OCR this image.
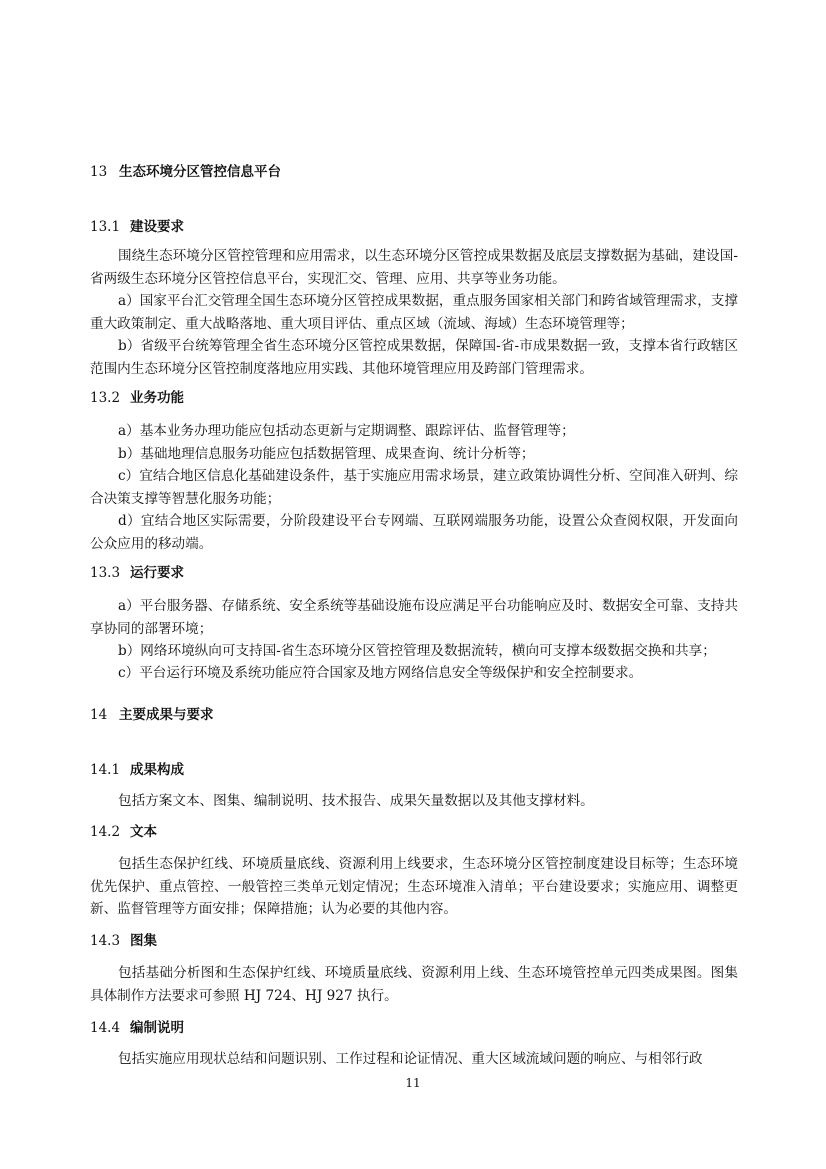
13 生态环境分区管控信息平台
13.1 建设要求
围绕生态环境分区管控管理和应用需求，以生态环境分区管控成果数据及底层支撑数据为基础，建设国-省两级生态环境分区管控信息平台，实现汇交、管理、应用、共享等业务功能。
a）国家平台汇交管理全国生态环境分区管控成果数据，重点服务国家相关部门和跨省域管理需求，支撑重大政策制定、重大战略落地、重大项目评估、重点区域（流域、海域）生态环境管理等；
b）省级平台统筹管理全省生态环境分区管控成果数据，保障国-省-市成果数据一致，支撑本省行政辖区范围内生态环境分区管控制度落地应用实践、其他环境管理应用及跨部门管理需求。
13.2 业务功能
a）基本业务办理功能应包括动态更新与定期调整、跟踪评估、监督管理等；
b）基础地理信息服务功能应包括数据管理、成果查询、统计分析等；
c）宜结合地区信息化基础建设条件，基于实施应用需求场景，建立政策协调性分析、空间准入研判、综合决策支撑等智慧化服务功能；
d）宜结合地区实际需要，分阶段建设平台专网端、互联网端服务功能，设置公众查阅权限，开发面向公众应用的移动端。
13.3 运行要求
a）平台服务器、存储系统、安全系统等基础设施布设应满足平台功能响应及时、数据安全可靠、支持共享协同的部署环境；
b）网络环境纵向可支持国-省生态环境分区管控管理及数据流转，横向可支撑本级数据交换和共享；
c）平台运行环境及系统功能应符合国家及地方网络信息安全等级保护和安全控制要求。
14 主要成果与要求
14.1 成果构成
包括方案文本、图集、编制说明、技术报告、成果矢量数据以及其他支撑材料。
14.2 文本
包括生态保护红线、环境质量底线、资源利用上线要求，生态环境分区管控制度建设目标等；生态环境优先保护、重点管控、一般管控三类单元划定情况；生态环境准入清单；平台建设要求；实施应用、调整更新、监督管理等方面安排；保障措施；认为必要的其他内容。
14.3 图集
包括基础分析图和生态保护红线、环境质量底线、资源利用上线、生态环境管控单元四类成果图。图集具体制作方法要求可参照 HJ 724、HJ 927 执行。
14.4 编制说明
包括实施应用现状总结和问题识别、工作过程和论证情况、重大区域流域问题的响应、与相邻行政
11
